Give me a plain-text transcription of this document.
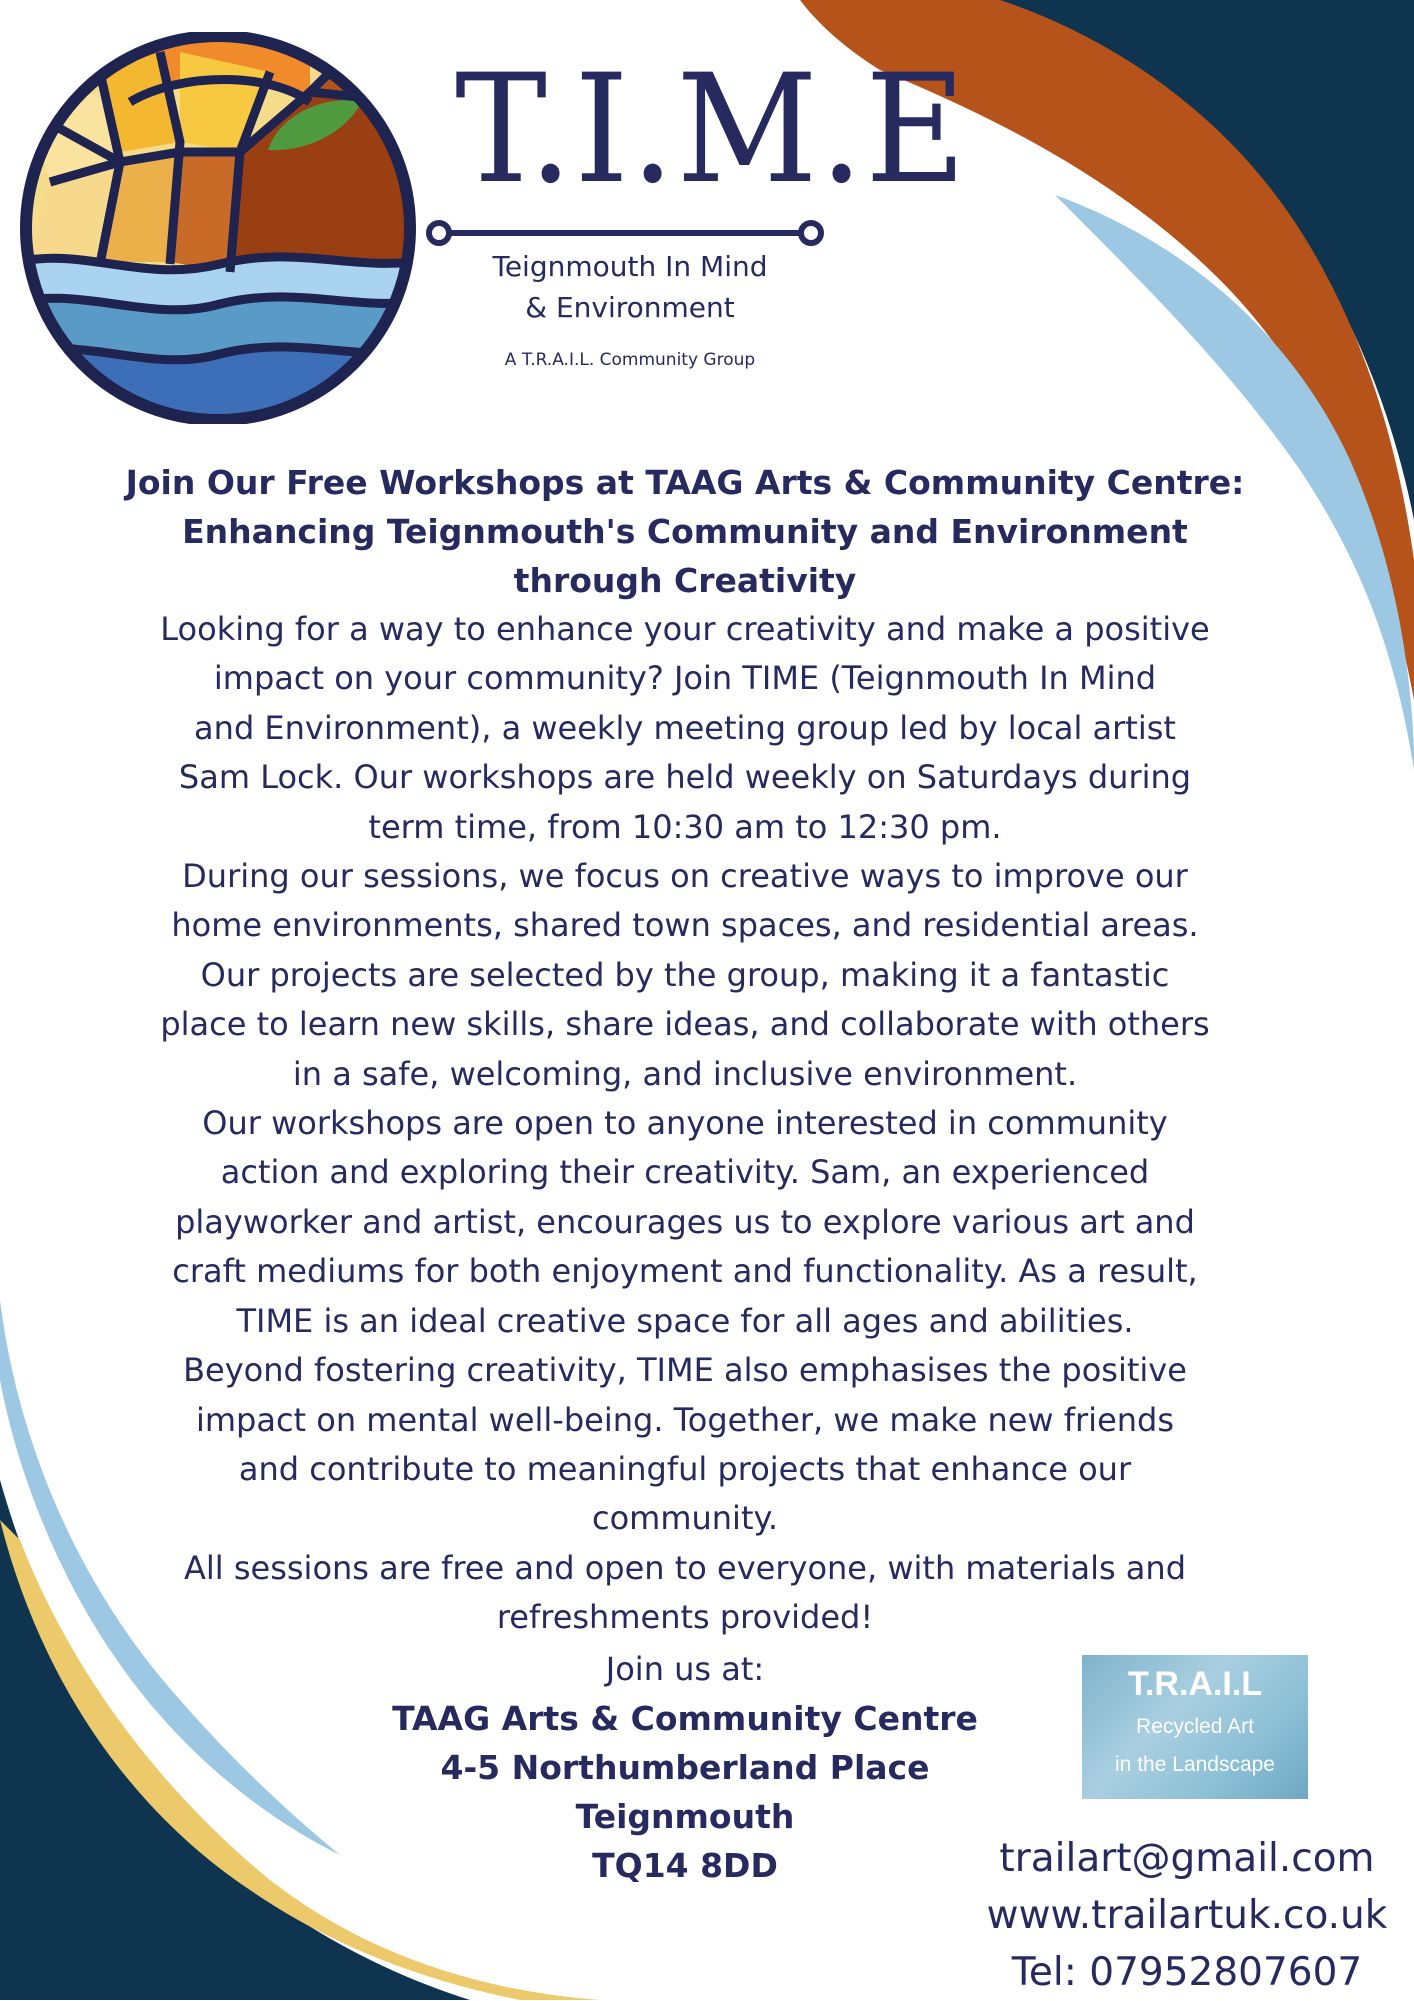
T.I.M.E
Teignmouth In Mind
& Environment
A T.R.A.I.L. Community Group
Join Our Free Workshops at TAAG Arts & Community Centre:
Enhancing Teignmouth's Community and Environment
through Creativity
Looking for a way to enhance your creativity and make a positive
impact on your community? Join TIME (Teignmouth In Mind
and Environment), a weekly meeting group led by local artist
Sam Lock. Our workshops are held weekly on Saturdays during
term time, from 10:30 am to 12:30 pm.
During our sessions, we focus on creative ways to improve our
home environments, shared town spaces, and residential areas.
Our projects are selected by the group, making it a fantastic
place to learn new skills, share ideas, and collaborate with others
in a safe, welcoming, and inclusive environment.
Our workshops are open to anyone interested in community
action and exploring their creativity. Sam, an experienced
playworker and artist, encourages us to explore various art and
craft mediums for both enjoyment and functionality. As a result,
TIME is an ideal creative space for all ages and abilities.
Beyond fostering creativity, TIME also emphasises the positive
impact on mental well-being. Together, we make new friends
and contribute to meaningful projects that enhance our
community.
All sessions are free and open to everyone, with materials and
refreshments provided!
Join us at:
TAAG Arts & Community Centre
4-5 Northumberland Place
Teignmouth
TQ14 8DD
T.R.A.I.L
Recycled Art
in the Landscape
trailart@gmail.com
www.trailartuk.co.uk
Tel: 07952807607
